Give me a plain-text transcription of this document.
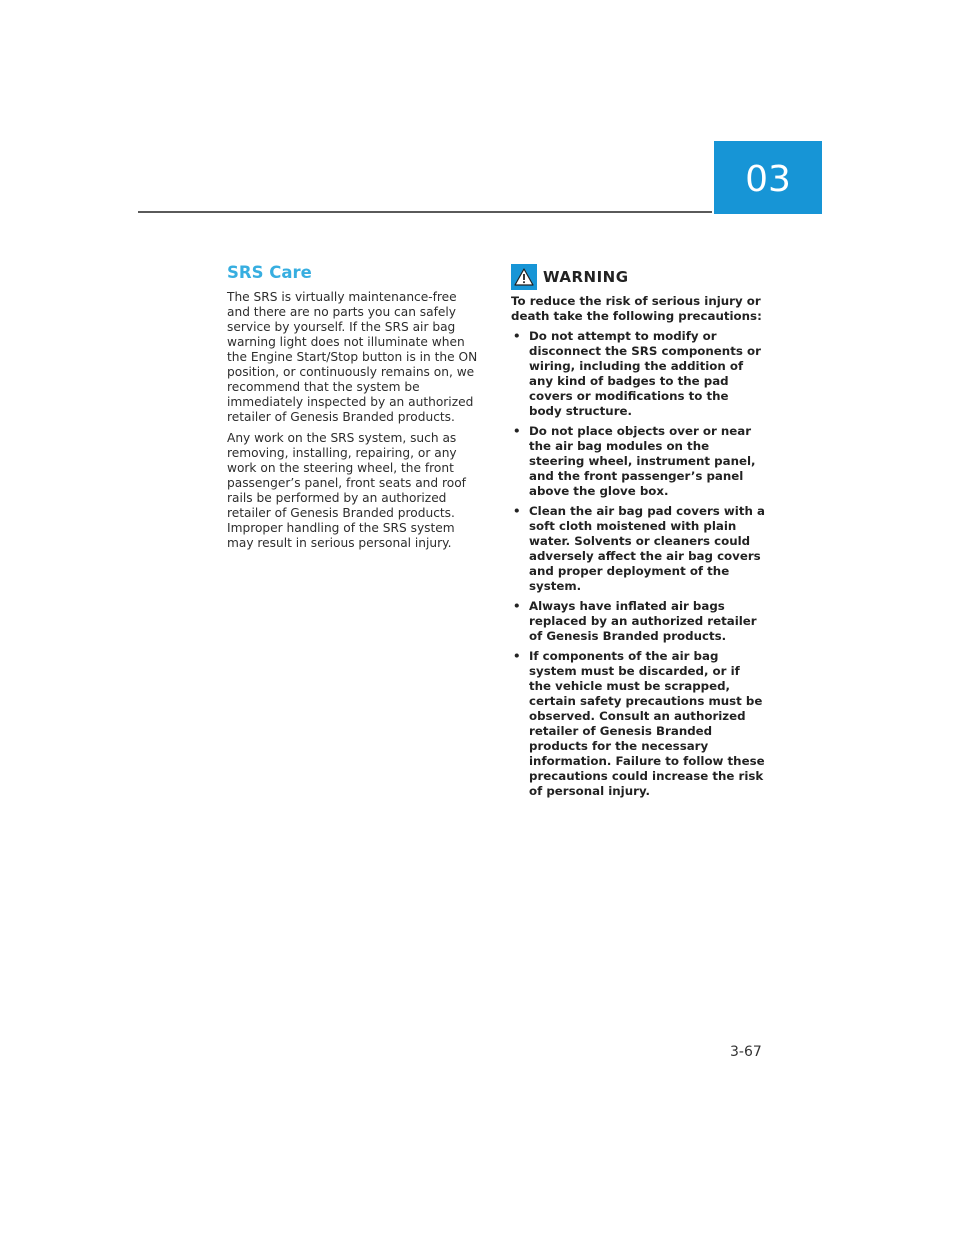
03
SRS Care

The SRS is virtually maintenance-free and there are no parts you can safely service by yourself. If the SRS air bag warning light does not illuminate when the Engine Start/Stop button is in the ON position, or continuously remains on, we recommend that the system be immediately inspected by an authorized retailer of Genesis Branded products.

Any work on the SRS system, such as removing, installing, repairing, or any work on the steering wheel, the front passenger’s panel, front seats and roof rails be performed by an authorized retailer of Genesis Branded products. Improper handling of the SRS system may result in serious personal injury.

WARNING

To reduce the risk of serious injury or death take the following precautions:

• Do not attempt to modify or disconnect the SRS components or wiring, including the addition of any kind of badges to the pad covers or modifications to the body structure.
• Do not place objects over or near the air bag modules on the steering wheel, instrument panel, and the front passenger’s panel above the glove box.
• Clean the air bag pad covers with a soft cloth moistened with plain water. Solvents or cleaners could adversely affect the air bag covers and proper deployment of the system.
• Always have inflated air bags replaced by an authorized retailer of Genesis Branded products.
• If components of the air bag system must be discarded, or if the vehicle must be scrapped, certain safety precautions must be observed. Consult an authorized retailer of Genesis Branded products for the necessary information. Failure to follow these precautions could increase the risk of personal injury.
3-67
